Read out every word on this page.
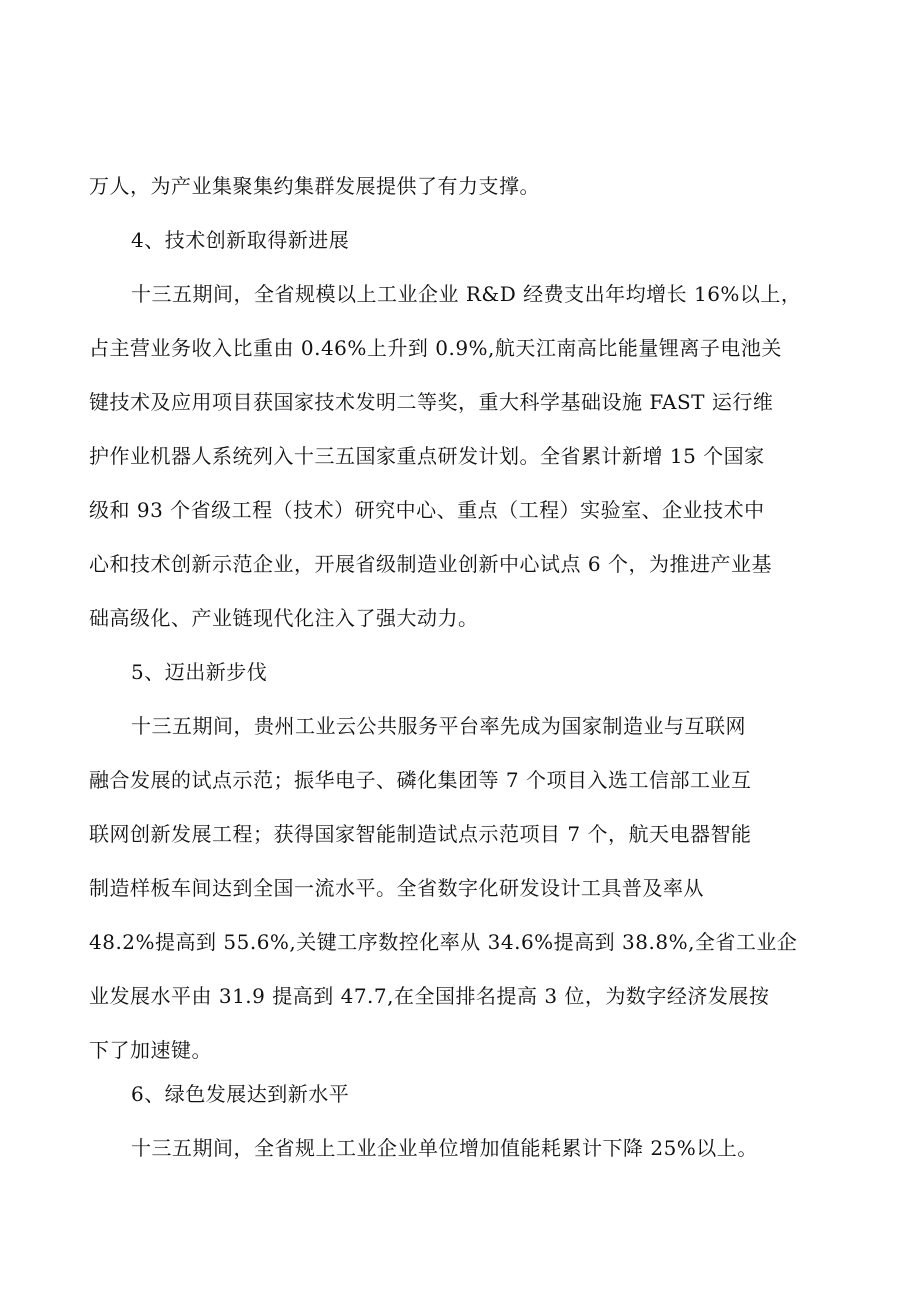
万人，为产业集聚集约集群发展提供了有力支撑。
4、技术创新取得新进展
十三五期间，全省规模以上工业企业 R&D 经费支出年均增长 16%以上，
占主营业务收入比重由 0.46%上升到 0.9%,航天江南高比能量锂离子电池关
键技术及应用项目获国家技术发明二等奖，重大科学基础设施 FAST 运行维
护作业机器人系统列入十三五国家重点研发计划。全省累计新增 15 个国家
级和 93 个省级工程（技术）研究中心、重点（工程）实验室、企业技术中
心和技术创新示范企业，开展省级制造业创新中心试点 6 个，为推进产业基
础高级化、产业链现代化注入了强大动力。
5、迈出新步伐
十三五期间，贵州工业云公共服务平台率先成为国家制造业与互联网
融合发展的试点示范；振华电子、磷化集团等 7 个项目入选工信部工业互
联网创新发展工程；获得国家智能制造试点示范项目 7 个，航天电器智能
制造样板车间达到全国一流水平。全省数字化研发设计工具普及率从
48.2%提高到 55.6%,关键工序数控化率从 34.6%提高到 38.8%,全省工业企
业发展水平由 31.9 提高到 47.7,在全国排名提高 3 位，为数字经济发展按
下了加速键。
6、绿色发展达到新水平
十三五期间，全省规上工业企业单位增加值能耗累计下降 25%以上。
